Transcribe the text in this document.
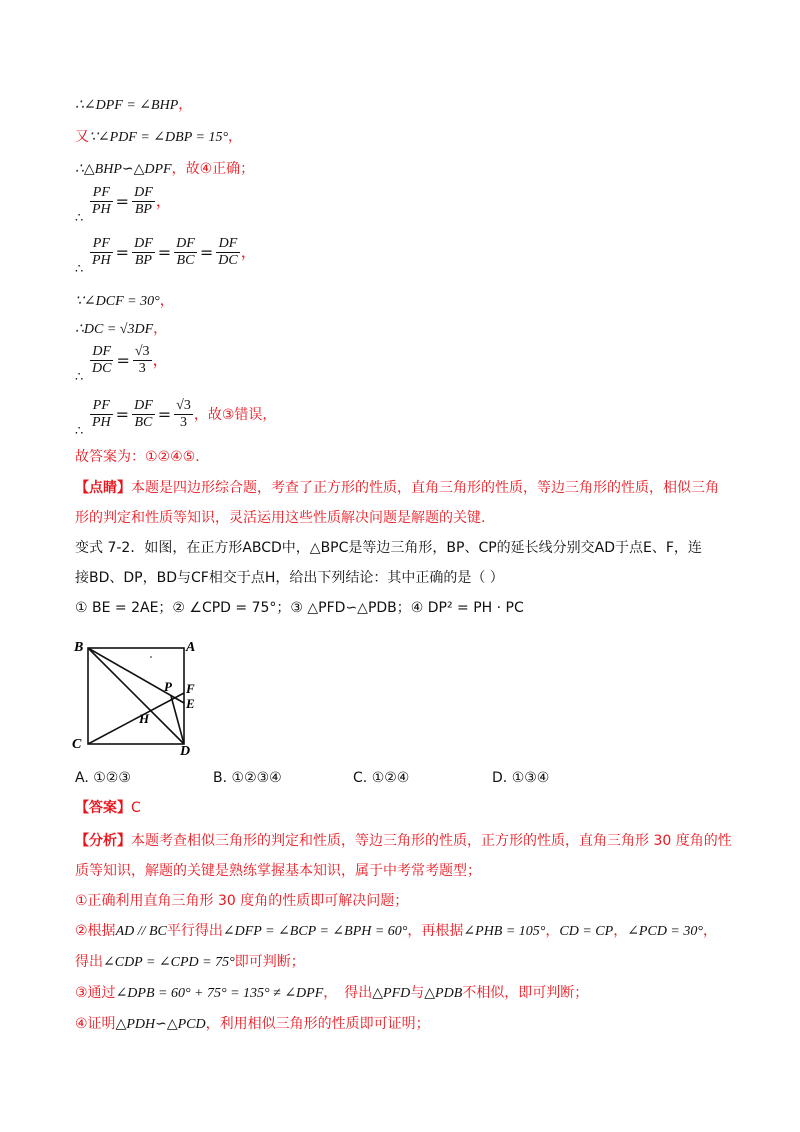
∴∠DPF = ∠BHP，
又∵∠PDF = ∠DBP = 15°，
∴△BHP∽△DPF，故④正确；
∴
$\frac{PF}{PH} = \frac{DF}{BP}$ ，
∴
$\frac{PF}{PH} = \frac{DF}{BP} = \frac{DF}{BC} = \frac{DF}{DC}$ ，
∵∠DCF = 30°，
∴DC = √3DF，
∴
$\frac{DF}{DC} = \frac{√3}{3}$ ，
∴
$\frac{PF}{PH} = \frac{DF}{BC} = \frac{√3}{3}$ ，故③错误，
故答案为：①②④⑤.
【点睛】本题是四边形综合题，考查了正方形的性质，直角三角形的性质，等边三角形的性质，相似三角
形的判定和性质等知识，灵活运用这些性质解决问题是解题的关键.
变式 7-2．如图，在正方形ABCD中，△BPC是等边三角形，BP、CP的延长线分别交AD于点E、F，连
接BD、DP，BD与CF相交于点H，给出下列结论：其中正确的是（ ）
① BE = 2AE；② ∠CPD = 75°；③ △PFD∽△PDB；④ DP² = PH · PC
B	A
C	D
P F
E
H
A. ①②③	B. ①②③④	C. ①②④	D. ①③④
【答案】C
【分析】本题考查相似三角形的判定和性质，等边三角形的性质，正方形的性质，直角三角形 30 度角的性
质等知识，解题的关键是熟练掌握基本知识，属于中考常考题型；
①正确利用直角三角形 30 度角的性质即可解决问题；
②根据AD // BC平行得出∠DFP = ∠BCP = ∠BPH = 60°，再根据∠PHB = 105°，CD = CP，∠PCD = 30°，
得出∠CDP = ∠CPD = 75°即可判断；
③通过∠DPB = 60° + 75° = 135° ≠ ∠DPF，　得出△PFD与△PDB不相似，即可判断；
④证明△PDH∽△PCD，利用相似三角形的性质即可证明；
